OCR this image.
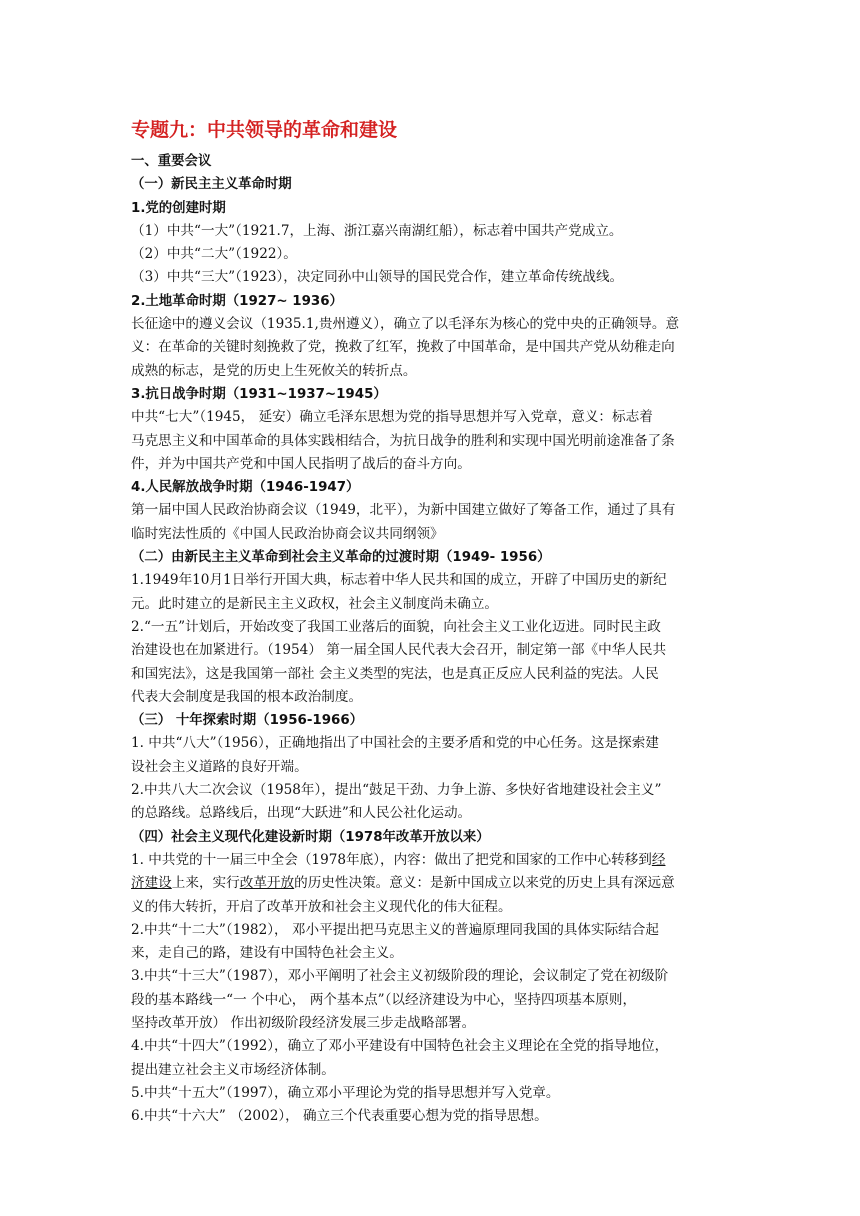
专题九：中共领导的革命和建设
一、重要会议
（一）新民主主义革命时期
1.党的创建时期
（1）中共“一大”（1921.7，上海、浙江嘉兴南湖红船），标志着中国共产党成立。
（2）中共“二大”（1922）。
（3）中共“三大”（1923），决定同孙中山领导的国民党合作，建立革命传统战线。
2.土地革命时期（1927~ 1936）
长征途中的遵义会议（1935.1,贵州遵义），确立了以毛泽东为核心的党中央的正确领导。意
义：在革命的关键时刻挽救了党，挽救了红军，挽救了中国革命，是中国共产党从幼稚走向
成熟的标志，是党的历史上生死攸关的转折点。
3.抗日战争时期（1931~1937~1945）
中共“七大”（1945， 延安）确立毛泽东思想为党的指导思想并写入党章，意义：标志着
马克思主义和中国革命的具体实践相结合，为抗日战争的胜利和实现中国光明前途准备了条
件，并为中国共产党和中国人民指明了战后的奋斗方向。
4.人民解放战争时期（1946-1947）
第一届中国人民政治协商会议（1949，北平），为新中国建立做好了筹备工作，通过了具有
临时宪法性质的《中国人民政治协商会议共同纲领》
（二）由新民主主义革命到社会主义革命的过渡时期（1949- 1956）
1.1949年10月1日举行开国大典，标志着中华人民共和国的成立，开辟了中国历史的新纪
元。此时建立的是新民主主义政权，社会主义制度尚未确立。
2.“一五”计划后，开始改变了我国工业落后的面貌，向社会主义工业化迈进。同时民主政
治建设也在加紧进行。（1954） 第一届全国人民代表大会召开，制定第一部《中华人民共
和国宪法》，这是我国第一部社 会主义类型的宪法，也是真正反应人民利益的宪法。人民
代表大会制度是我国的根本政治制度。
（三） 十年探索时期（1956-1966）
1. 中共“八大”（1956），正确地指出了中国社会的主要矛盾和党的中心任务。这是探索建
设社会主义道路的良好开端。
2.中共八大二次会议（1958年），提出“鼓足干劲、力争上游、多快好省地建设社会主义”
的总路线。总路线后，出现“大跃进”和人民公社化运动。
（四）社会主义现代化建设新时期（1978年改革开放以来）
1. 中共党的十一届三中全会（1978年底），内容：做出了把党和国家的工作中心转移到经
济建设上来，实行改革开放的历史性决策。意义：是新中国成立以来党的历史上具有深远意
义的伟大转折，开启了改革开放和社会主义现代化的伟大征程。
2.中共“十二大”（1982）， 邓小平提出把马克思主义的普遍原理同我国的具体实际结合起
来，走自己的路，建设有中国特色社会主义。
3.中共“十三大”（1987），邓小平阐明了社会主义初级阶段的理论，会议制定了党在初级阶
段的基本路线一“一 个中心， 两个基本点”（以经济建设为中心，坚持四项基本原则，
坚持改革开放） 作出初级阶段经济发展三步走战略部署。
4.中共“十四大”（1992），确立了邓小平建设有中国特色社会主义理论在全党的指导地位，
提出建立社会主义市场经济体制。
5.中共“十五大”（1997），确立邓小平理论为党的指导思想并写入党章。
6.中共“十六大” （2002）， 确立三个代表重要心想为党的指导思想。
